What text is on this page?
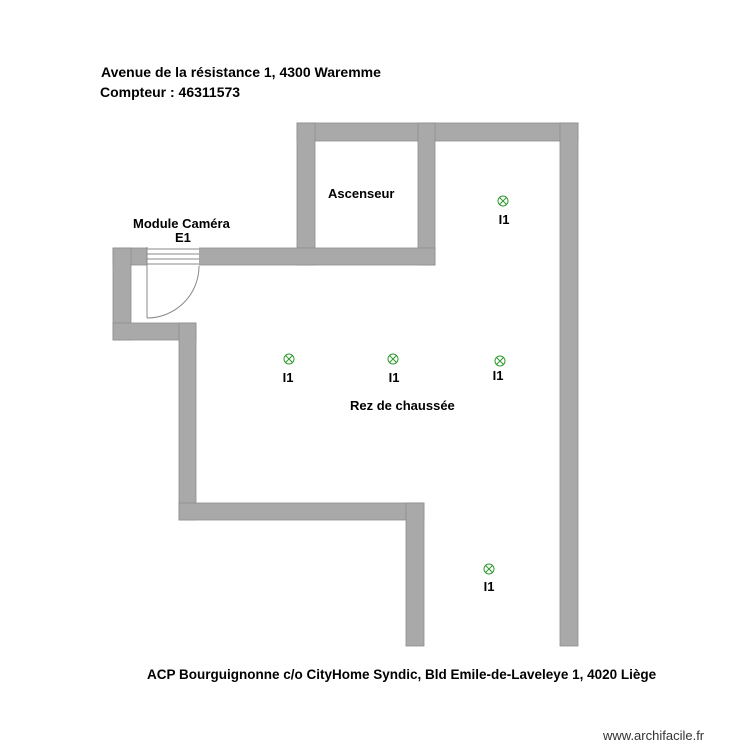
Avenue de la résistance 1, 4300 Waremme
Compteur : 46311573
Ascenseur
Rez de chaussée
Module Caméra
E1
I1
I1	I1	I1
I1
ACP Bourguignonne c/o CityHome Syndic, Bld Emile-de-Laveleye 1, 4020 Liège
www.archifacile.fr
